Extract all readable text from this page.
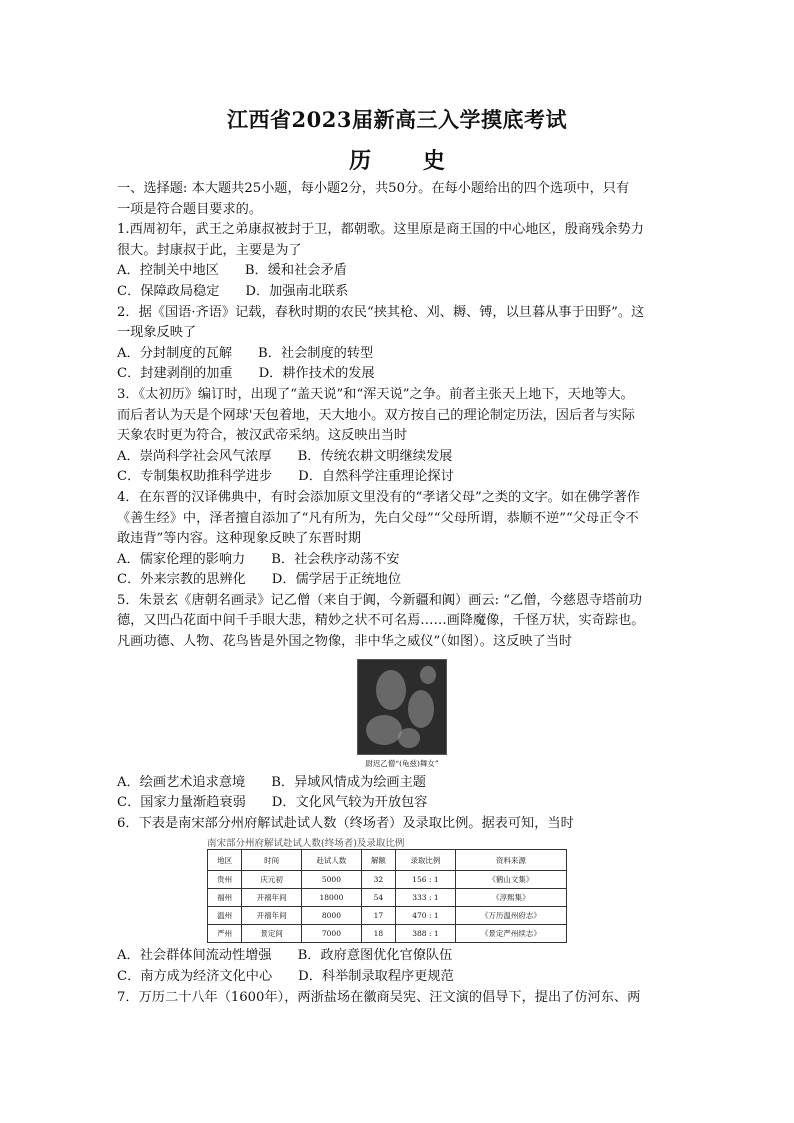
江西省2023届新高三入学摸底考试
历 史
一、选择题: 本大题共25小题，每小题2分，共50分。在每小题给出的四个选项中，只有
一项是符合题目要求的。
1.西周初年，武王之弟康叔被封于卫，都朝歌。这里原是商王国的中心地区，殷商残余势力
很大。封康叔于此，主要是为了
A．控制关中地区 B．缓和社会矛盾
C．保障政局稳定 D．加强南北联系
2．据《国语·齐语》记载，春秋时期的农民“挟其枪、刈、耨、镈，以旦暮从事于田野”。这
一现象反映了
A．分封制度的瓦解 B．社会制度的转型
C．封建剥削的加重 D．耕作技术的发展
3．《太初历》编订时，出现了“盖天说”和“浑天说”之争。前者主张天上地下，天地等大。
而后者认为天是个网球'天包着地，天大地小。双方按自己的理论制定历法，因后者与实际
天象农时更为符合，被汉武帝采纳。这反映出当时
A．崇尚科学社会风气浓厚 B．传统农耕文明继续发展
C．专制集权助推科学进步 D．自然科学注重理论探讨
4．在东晋的汉译佛典中，有时会添加原文里没有的“孝诸父母”之类的文字。如在佛学著作
《善生经》中，泽者擅自添加了“凡有所为，先白父母”“父母所谓，恭顺不逆”“父母正令不
敢违背”等内容。这种现象反映了东晋时期
A．儒家伦理的影响力 B．社会秩序动荡不安
C．外来宗教的思辨化 D．儒学居于正统地位
5．朱景玄《唐朝名画录》记乙僧（来自于阗，今新疆和阗）画云: “乙僧，今慈恩寺塔前功
德，又凹凸花面中间千手眼大悲，精妙之状不可名焉……画降魔像，千怪万状，实奇踪也。
凡画功德、人物、花鸟皆是外国之物像，非中华之威仪”（如图）。这反映了当时
尉迟乙僧“(龟兹)舞女”
A．绘画艺术追求意境 B．异域风情成为绘画主题
C．国家力量渐趋衰弱 D．文化风气较为开放包容
6．下表是南宋部分州府解试赴试人数（终场者）及录取比例。据表可知，当时
南宋部分州府解试赴试人数(终场者)及录取比例
地区	时间	赴试人数	解额	录取比例	资料来源
贵州	庆元初	5000	32	156 : 1	《鹤山文集》
福州	开禧年间	18000	54	333 : 1	《淳熙集》
温州	开禧年间	8000	17	470 : 1	《万历温州府志》
严州	景定间	7000	18	388 : 1	《景定严州续志》
A．社会群体间流动性增强 B．政府意图优化官僚队伍
C．南方成为经济文化中心 D．科举制录取程序更规范
7．万历二十八年（1600年），两浙盐场在徽商吴宪、汪文演的倡导下，提出了仿河东、两
